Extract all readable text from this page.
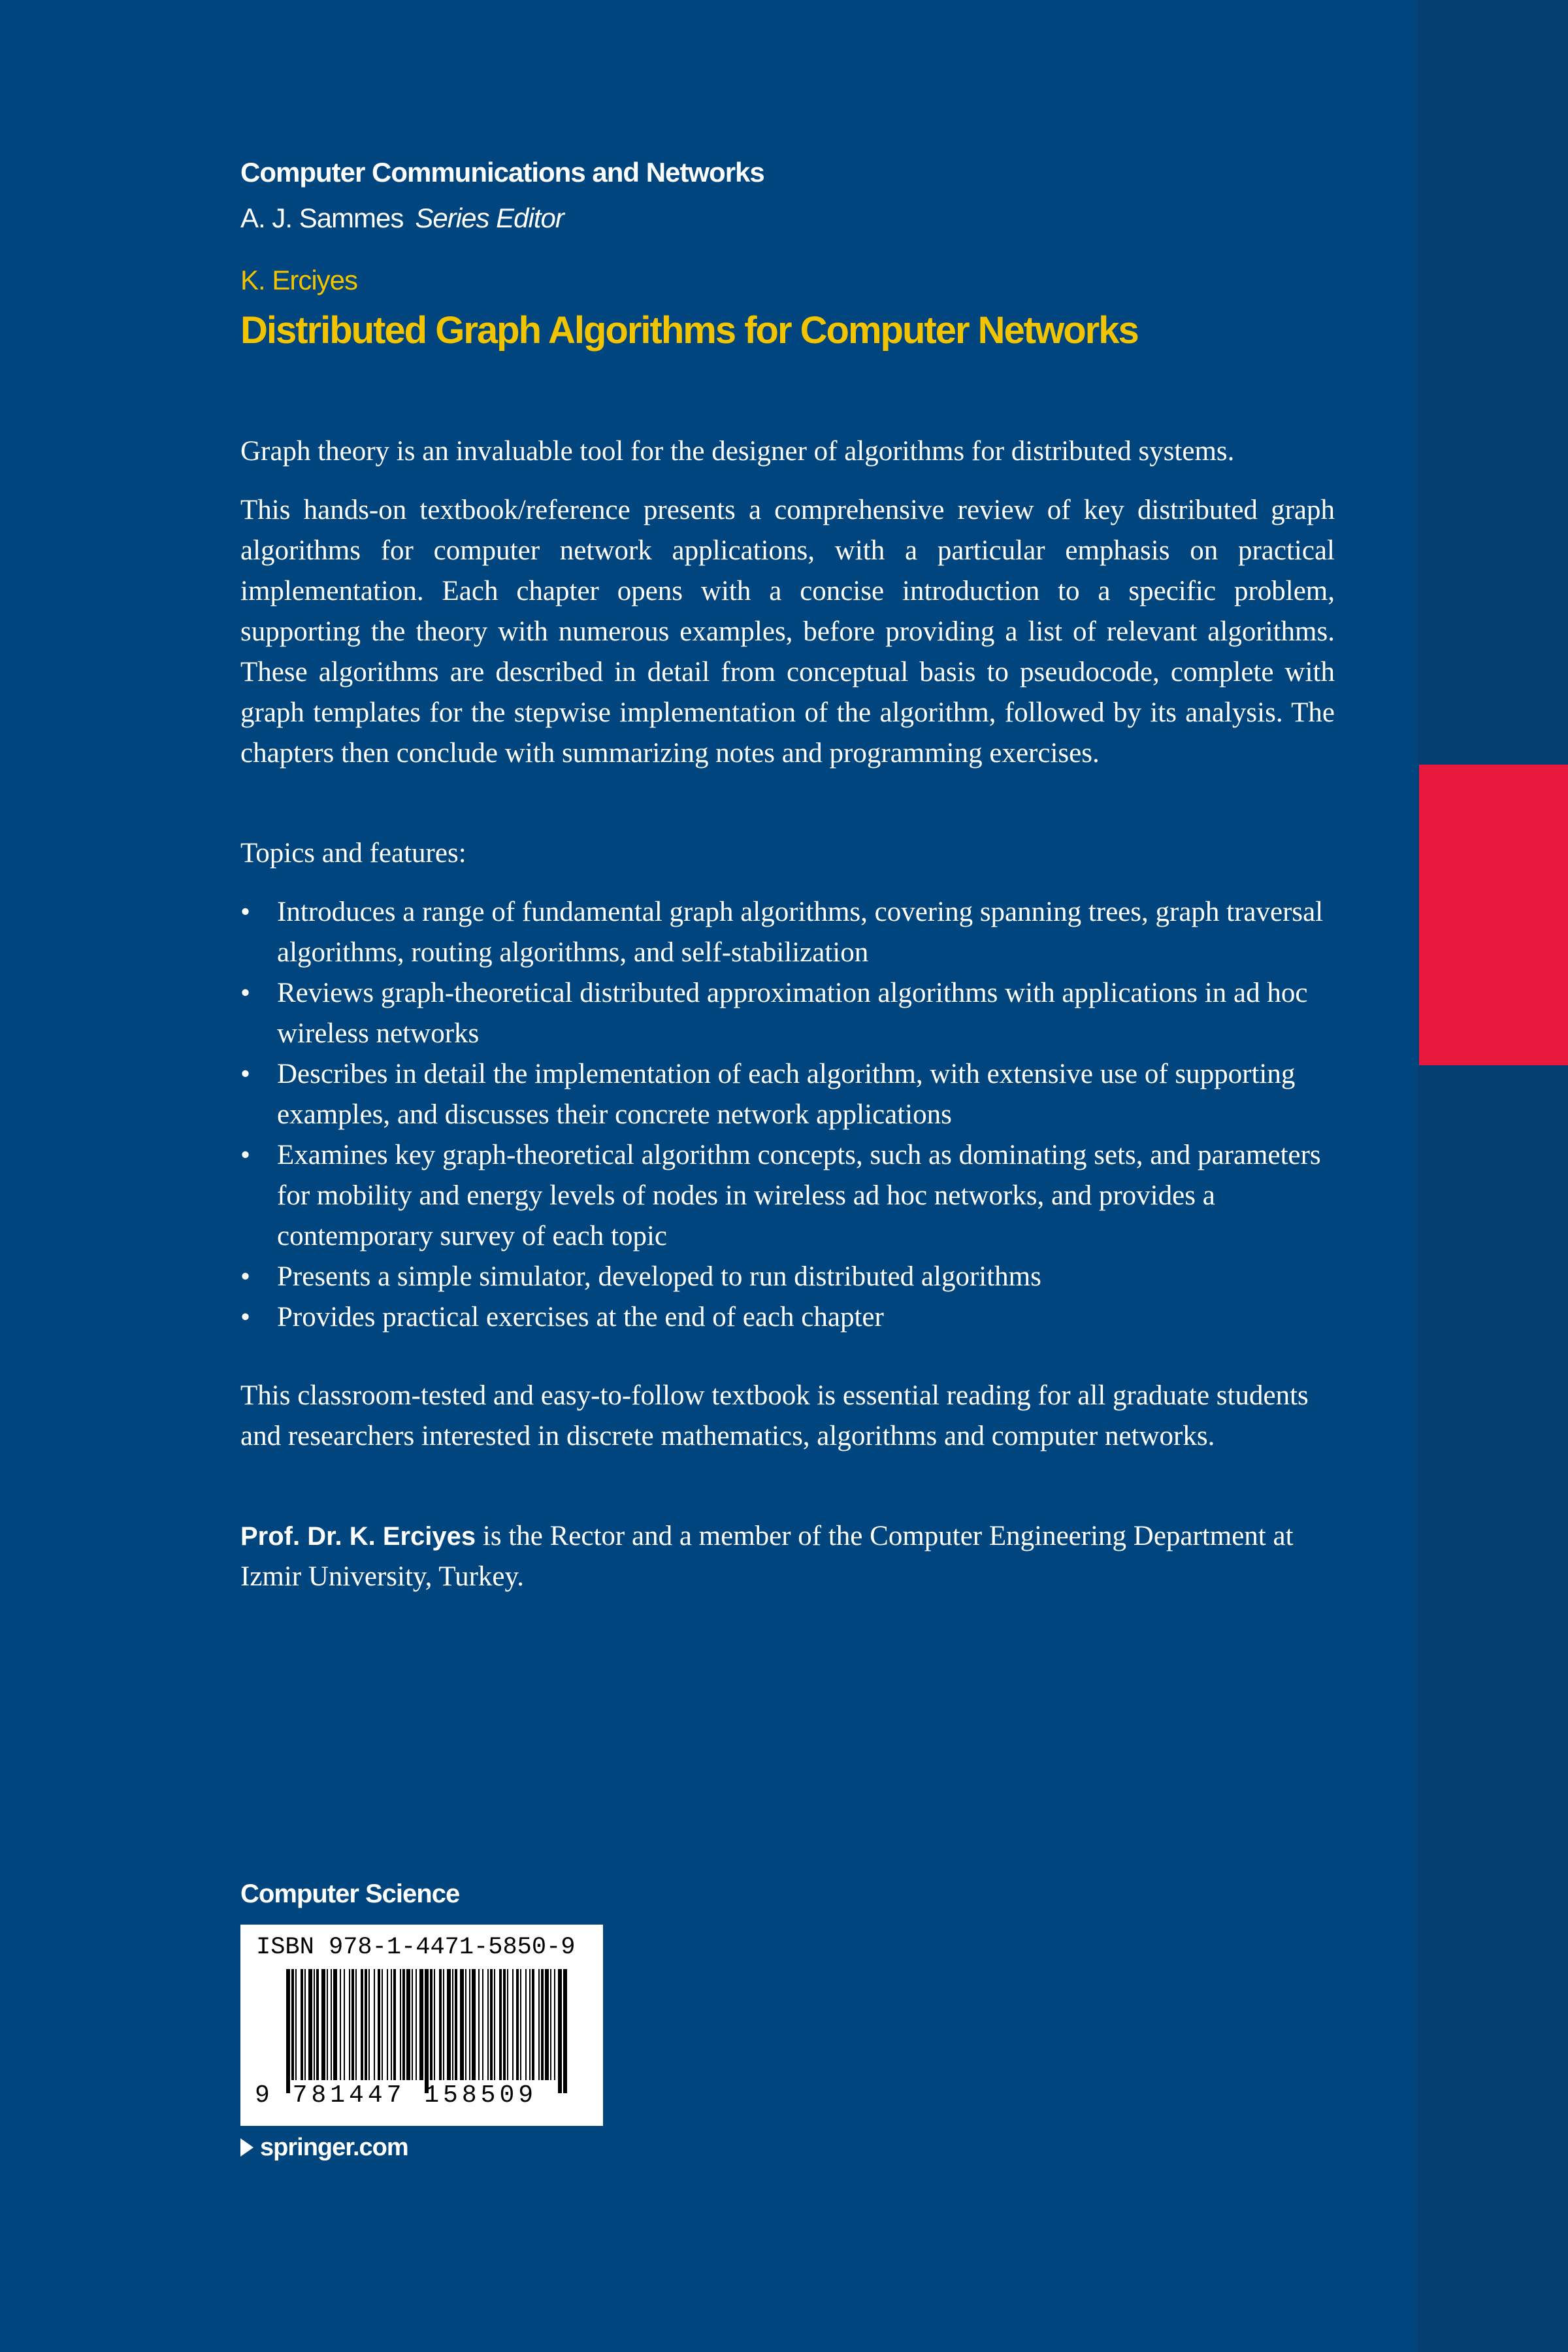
Computer Communications and Networks
A. J. Sammes Series Editor
K. Erciyes
Distributed Graph Algorithms for Computer Networks

Graph theory is an invaluable tool for the designer of algorithms for distributed systems.

This hands-on textbook/reference presents a comprehensive review of key distributed graph algorithms for computer network applications, with a particular emphasis on practical implementation. Each chapter opens with a concise introduction to a specific problem, supporting the theory with numerous examples, before providing a list of relevant algorithms. These algorithms are described in detail from conceptual basis to pseudocode, complete with graph templates for the stepwise implementation of the algorithm, followed by its analysis. The chapters then conclude with summarizing notes and programming exercises.

Topics and features:

• Introduces a range of fundamental graph algorithms, covering spanning trees, graph traversal algorithms, routing algorithms, and self-stabilization
• Reviews graph-theoretical distributed approximation algorithms with applications in ad hoc wireless networks
• Describes in detail the implementation of each algorithm, with extensive use of supporting examples, and discusses their concrete network applications
• Examines key graph-theoretical algorithm concepts, such as dominating sets, and parameters for mobility and energy levels of nodes in wireless ad hoc networks, and provides a contemporary survey of each topic
• Presents a simple simulator, developed to run distributed algorithms
• Provides practical exercises at the end of each chapter

This classroom-tested and easy-to-follow textbook is essential reading for all graduate students and researchers interested in discrete mathematics, algorithms and computer networks.

Prof. Dr. K. Erciyes is the Rector and a member of the Computer Engineering Department at Izmir University, Turkey.

Computer Science
ISBN 978-1-4471-5850-9
9 781447 158509
springer.com
